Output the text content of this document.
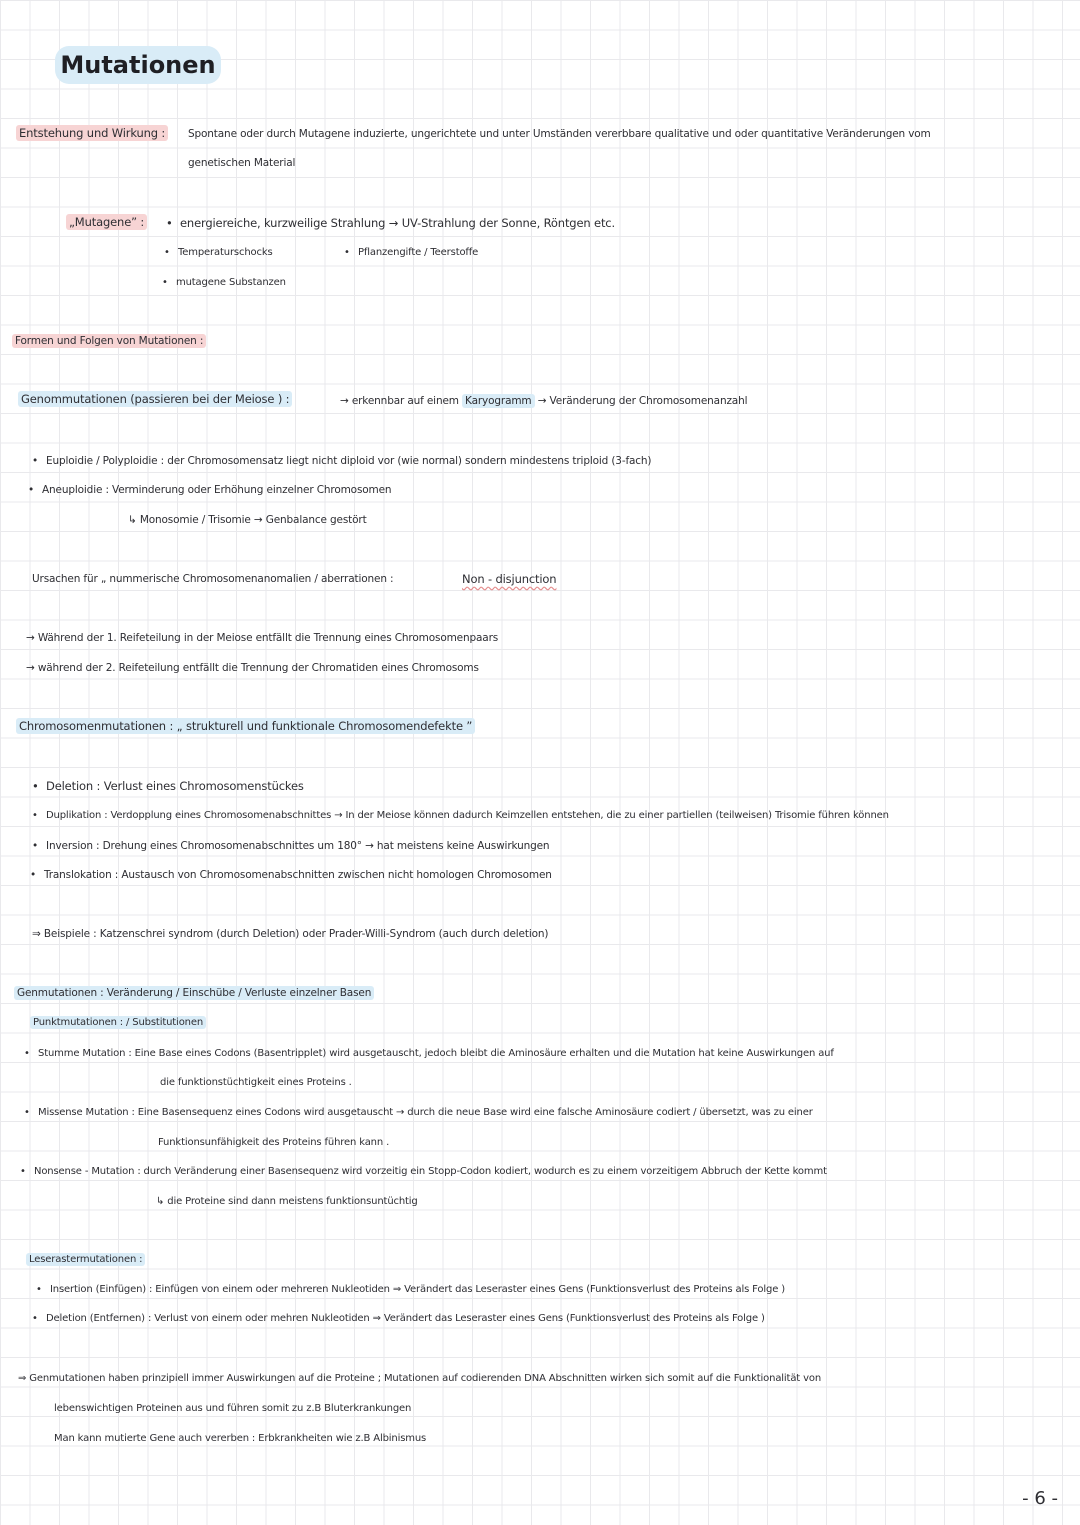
Mutationen
Entstehung und Wirkung : Spontane oder durch Mutagene induzierte, ungerichtete und unter Umständen vererbbare qualitative und oder quantitative Veränderungen vom
genetischen Material
„Mutagene” :	energiereiche, kurzweilige Strahlung → UV-Strahlung der Sonne, Röntgen etc.
Temperaturschocks	Pflanzengifte / Teerstoffe
mutagene Substanzen
Formen und Folgen von Mutationen :
Genommutationen (passieren bei der Meiose ) :	→ erkennbar auf einem Karyogramm → Veränderung der Chromosomenanzahl
Euploidie / Polyploidie : der Chromosomensatz liegt nicht diploid vor (wie normal) sondern mindestens triploid (3-fach)
Aneuploidie : Verminderung oder Erhöhung einzelner Chromosomen
↳ Monosomie / Trisomie → Genbalance gestört
Ursachen für „ nummerische Chromosomenanomalien / aberrationen :	Non - disjunction
→ Während der 1. Reifeteilung in der Meiose entfällt die Trennung eines Chromosomenpaars
→ während der 2. Reifeteilung entfällt die Trennung der Chromatiden eines Chromosoms
Chromosomenmutationen : „ strukturell und funktionale Chromosomendefekte ”
Deletion : Verlust eines Chromosomenstückes
Duplikation : Verdopplung eines Chromosomenabschnittes → In der Meiose können dadurch Keimzellen entstehen, die zu einer partiellen (teilweisen) Trisomie führen können
Inversion : Drehung eines Chromosomenabschnittes um 180° → hat meistens keine Auswirkungen
Translokation : Austausch von Chromosomenabschnitten zwischen nicht homologen Chromosomen
⇒ Beispiele : Katzenschrei syndrom (durch Deletion) oder Prader-Willi-Syndrom (auch durch deletion)
Genmutationen : Veränderung / Einschübe / Verluste einzelner Basen
Punktmutationen : / Substitutionen
Stumme Mutation : Eine Base eines Codons (Basentripplet) wird ausgetauscht, jedoch bleibt die Aminosäure erhalten und die Mutation hat keine Auswirkungen auf
die funktionstüchtigkeit eines Proteins .
Missense Mutation : Eine Basensequenz eines Codons wird ausgetauscht → durch die neue Base wird eine falsche Aminosäure codiert / übersetzt, was zu einer
Funktionsunfähigkeit des Proteins führen kann .
Nonsense - Mutation : durch Veränderung einer Basensequenz wird vorzeitig ein Stopp-Codon kodiert, wodurch es zu einem vorzeitigem Abbruch der Kette kommt
↳ die Proteine sind dann meistens funktionsuntüchtig
Leserastermutationen :
Insertion (Einfügen) : Einfügen von einem oder mehreren Nukleotiden ⇒ Verändert das Leseraster eines Gens (Funktionsverlust des Proteins als Folge )
Deletion (Entfernen) : Verlust von einem oder mehren Nukleotiden ⇒ Verändert das Leseraster eines Gens (Funktionsverlust des Proteins als Folge )
⇒ Genmutationen haben prinzipiell immer Auswirkungen auf die Proteine ; Mutationen auf codierenden DNA Abschnitten wirken sich somit auf die Funktionalität von
lebenswichtigen Proteinen aus und führen somit zu z.B Bluterkrankungen
Man kann mutierte Gene auch vererben : Erbkrankheiten wie z.B Albinismus
- 6 -
